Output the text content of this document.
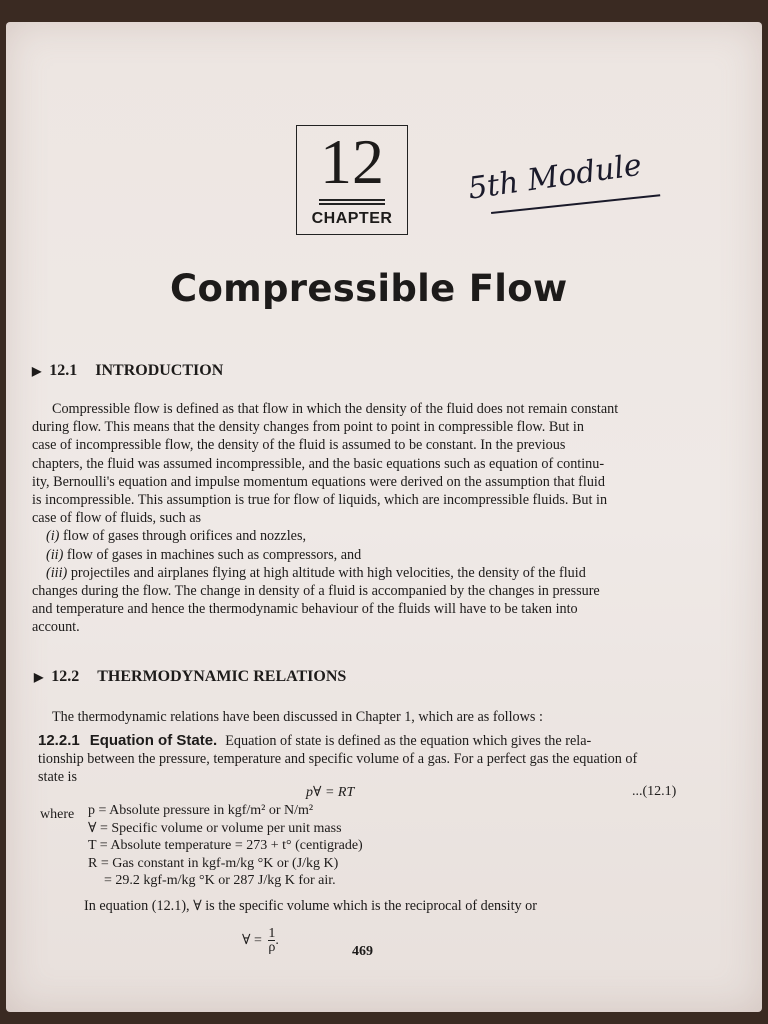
12
CHAPTER
5th Module
Compressible Flow
▶ 12.1 INTRODUCTION

Compressible flow is defined as that flow in which the density of the fluid does not remain constant

during flow. This means that the density changes from point to point in compressible flow. But in

case of incompressible flow, the density of the fluid is assumed to be constant. In the previous

chapters, the fluid was assumed incompressible, and the basic equations such as equation of continu-

ity, Bernoulli's equation and impulse momentum equations were derived on the assumption that fluid

is incompressible. This assumption is true for flow of liquids, which are incompressible fluids. But in

case of flow of fluids, such as

(i) flow of gases through orifices and nozzles,

(ii) flow of gases in machines such as compressors, and

(iii) projectiles and airplanes flying at high altitude with high velocities, the density of the fluid

changes during the flow. The change in density of a fluid is accompanied by the changes in pressure

and temperature and hence the thermodynamic behaviour of the fluids will have to be taken into

account.

▶ 12.2 THERMODYNAMIC RELATIONS
The thermodynamic relations have been discussed in Chapter 1, which are as follows :

12.2.1 Equation of State. Equation of state is defined as the equation which gives the rela-

tionship between the pressure, temperature and specific volume of a gas. For a perfect gas the equation of

state is

p∀ = RT	...(12.1)
where p = Absolute pressure in kgf/m² or N/m²
∀ = Specific volume or volume per unit mass
T = Absolute temperature = 273 + t° (centigrade)
R = Gas constant in kgf-m/kg °K or (J/kg K)
= 29.2 kgf-m/kg °K or 287 J/kg K for air.
In equation (12.1), ∀ is the specific volume which is the reciprocal of density or
∀ = $\frac{1}{\rho}$ .
469
